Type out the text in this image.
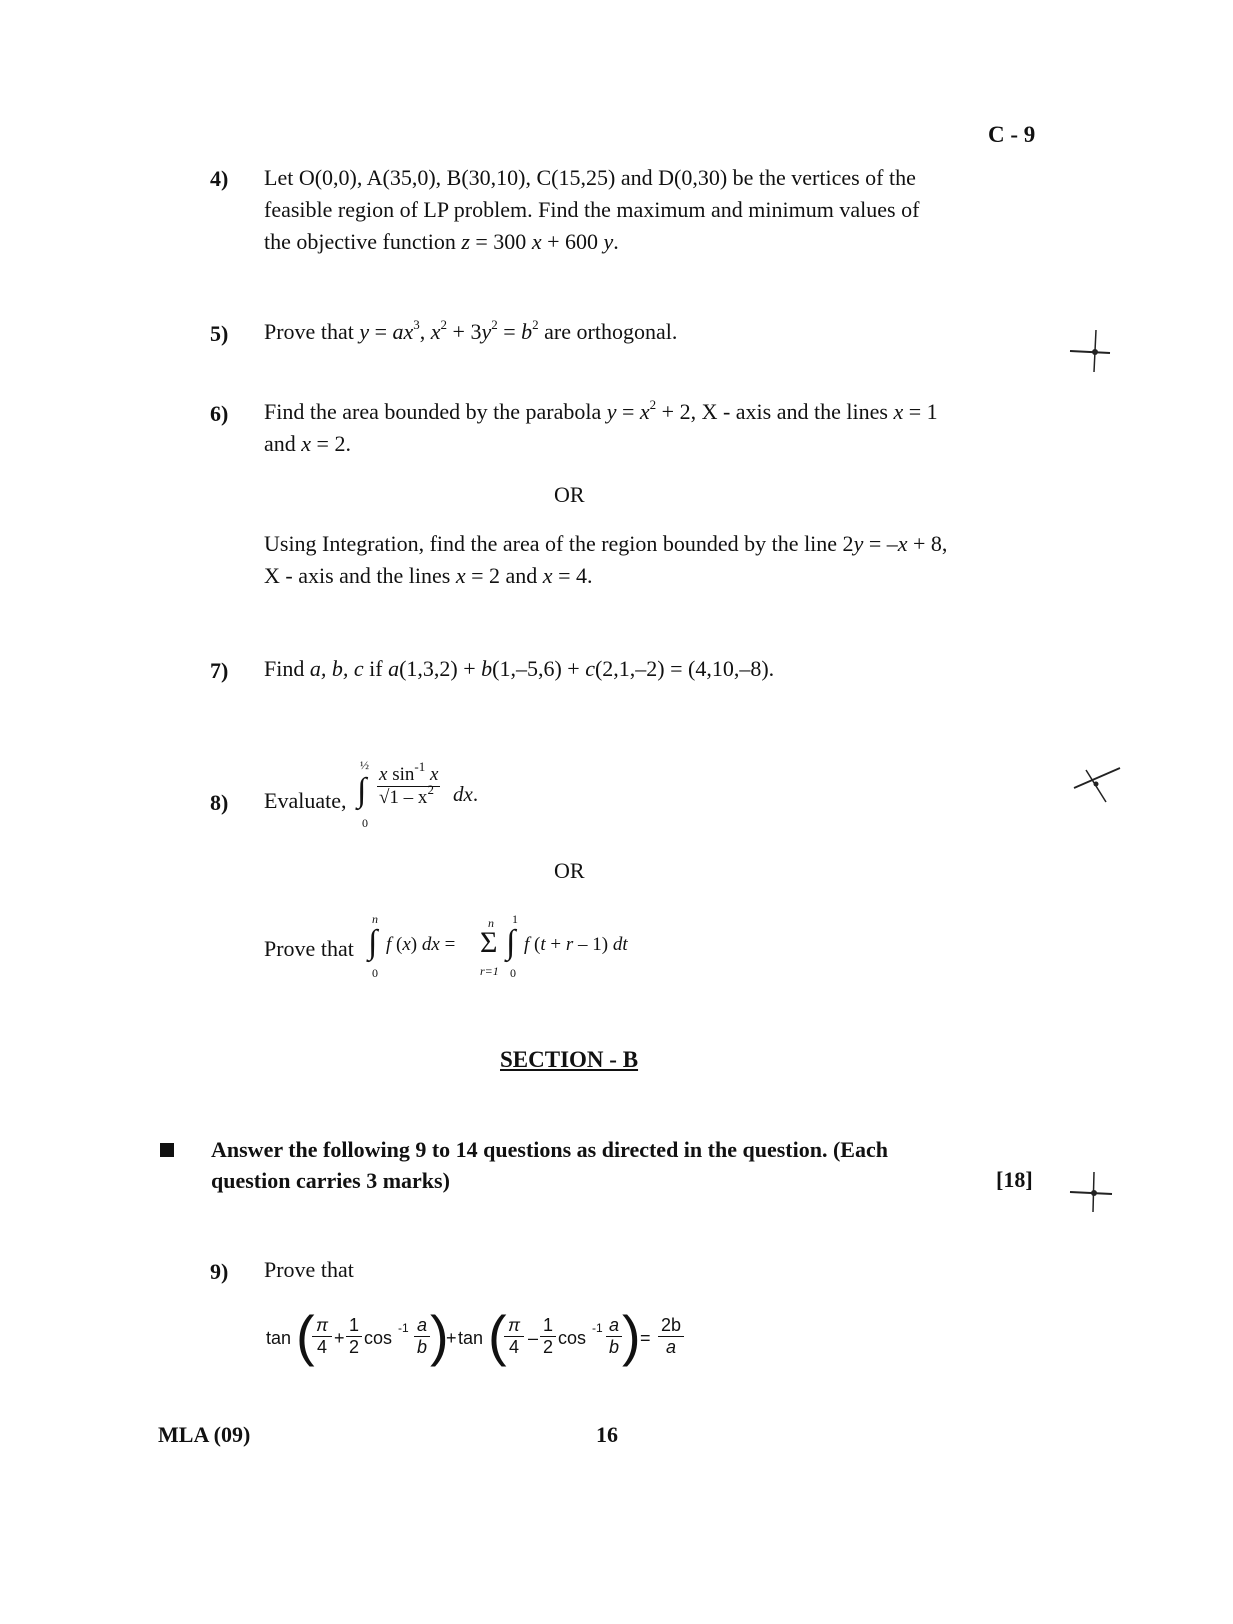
C - 9
4) Let O(0,0), A(35,0), B(30,10), C(15,25) and D(0,30) be the vertices of the
feasible region of LP problem. Find the maximum and minimum values of
the objective function z = 300 x + 600 y.
5) Prove that $y = ax^3$, $x^2 + 3y^2 = b^2$ are orthogonal.
6) Find the area bounded by the parabola $y = x^2 + 2$, X - axis and the lines x = 1
and x = 2.
OR
Using Integration, find the area of the region bounded by the line 2y = –x + 8,
X - axis and the lines x = 2 and x = 4.
7) Find a, b, c if a(1,3,2) + b(1,–5,6) + c(2,1,–2) = (4,10,–8).
8) Evaluate,
½
∫
0
x $\sin^{-1} x$
$√1 - x^2$ dx.
OR
Prove that
n
∫
0
f (x) dx =
n
Σ
r=1
1
∫
0
f (t + r – 1) dt
SECTION - B
Answer the following 9 to 14 questions as directed in the question. (Each
question carries 3 marks)	[18]
9) Prove that
tan ( π
4 +
1
2 cos -1 a
b )
+ tan ( π
4 –
1
2 cos -1 a
b ) =
2b
a
MLA (09)	16
